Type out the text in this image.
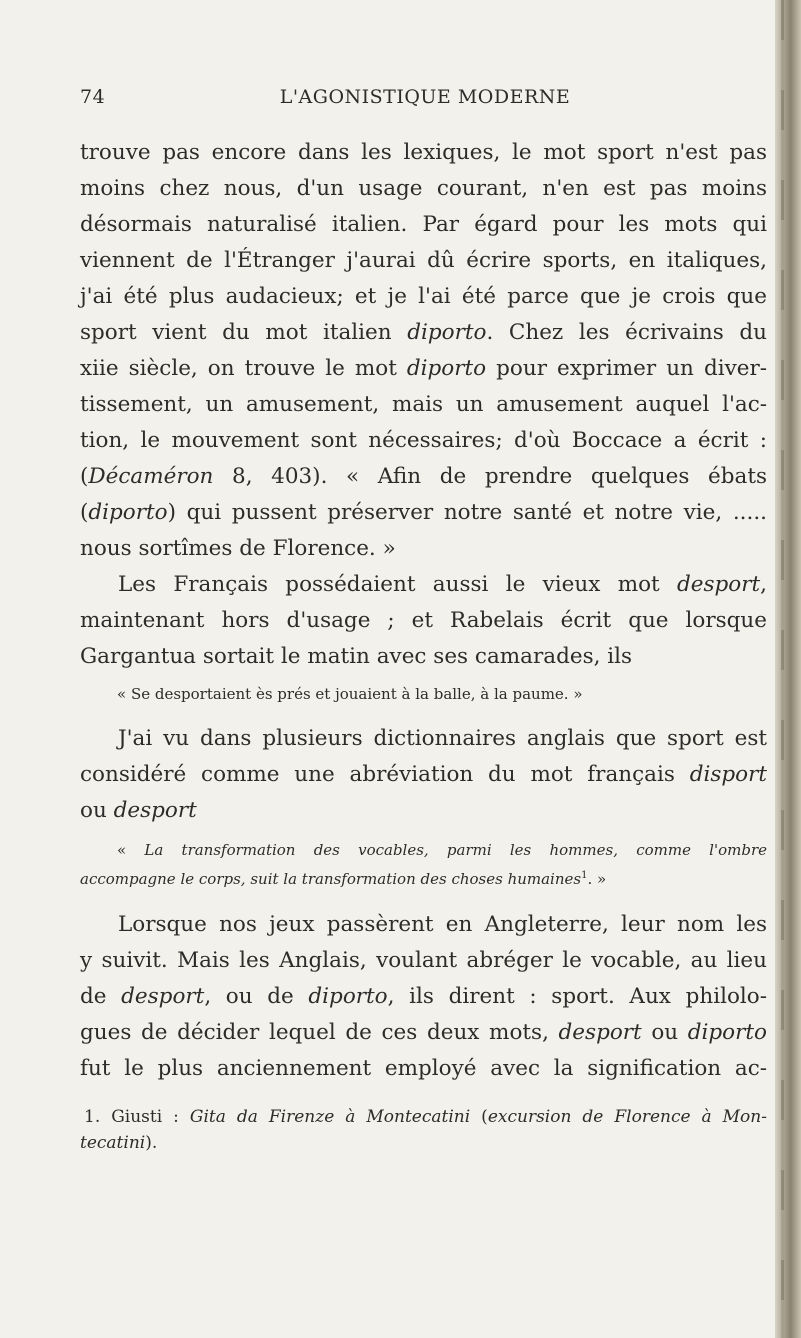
74	L'AGONISTIQUE MODERNE
trouve pas encore dans les lexiques, le mot sport n'est pas
moins chez nous, d'un usage courant, n'en est pas moins
désormais naturalisé italien. Par égard pour les mots qui
viennent de l'Étranger j'aurai dû écrire sports, en italiques,
j'ai été plus audacieux; et je l'ai été parce que je crois que
sport vient du mot italien diporto. Chez les écrivains du
xiie siècle, on trouve le mot diporto pour exprimer un diver-
tissement, un amusement, mais un amusement auquel l'ac-
tion, le mouvement sont nécessaires; d'où Boccace a écrit :
(Décaméron 8, 403). « Afin de prendre quelques ébats
(diporto) qui pussent préserver notre santé et notre vie, .....
nous sortîmes de Florence. »
Les Français possédaient aussi le vieux mot desport,
maintenant hors d'usage ; et Rabelais écrit que lorsque
Gargantua sortait le matin avec ses camarades, ils
« Se desportaient ès prés et jouaient à la balle, à la paume. »
J'ai vu dans plusieurs dictionnaires anglais que sport est
considéré comme une abréviation du mot français disport
ou desport
« La transformation des vocables, parmi les hommes, comme l'ombre
accompagne le corps, suit la transformation des choses humaines$^1$. »
Lorsque nos jeux passèrent en Angleterre, leur nom les
y suivit. Mais les Anglais, voulant abréger le vocable, au lieu
de desport, ou de diporto, ils dirent : sport. Aux philolo-
gues de décider lequel de ces deux mots, desport ou diporto
fut le plus anciennement employé avec la signification ac-
1. Giusti : Gita da Firenze à Montecatini (excursion de Florence à Mon-
tecatini).
